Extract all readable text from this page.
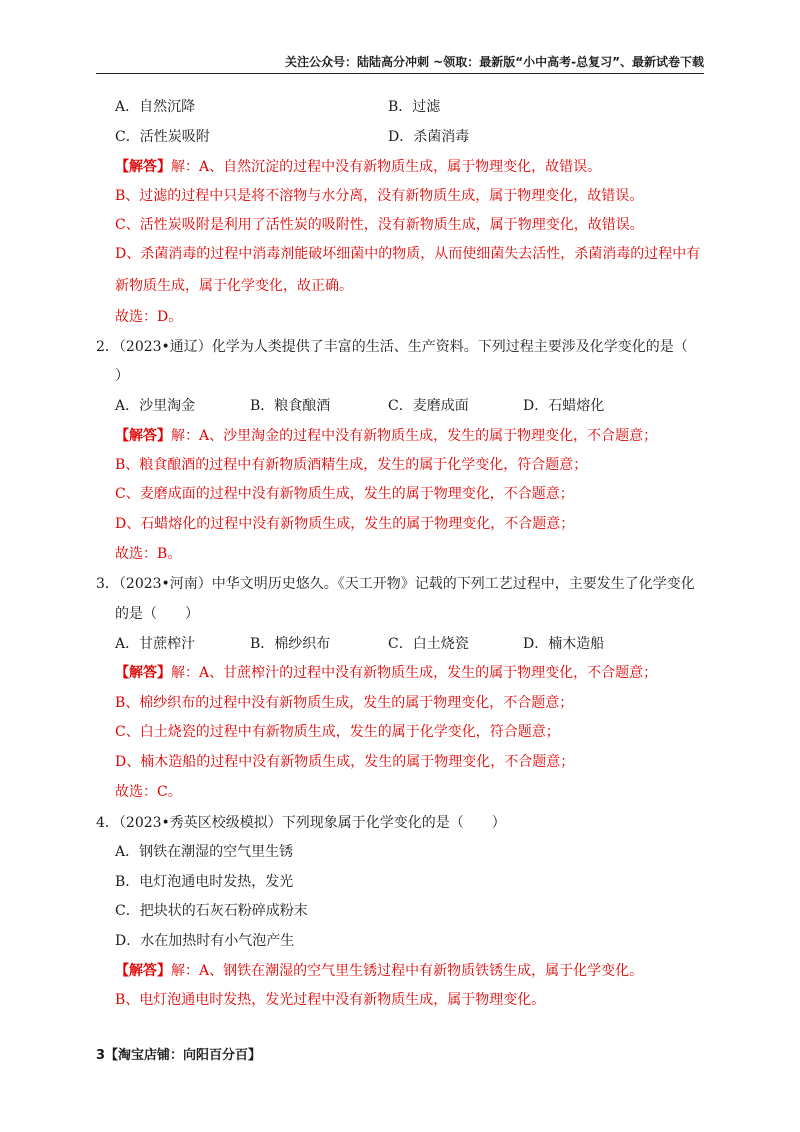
关注公众号：陆陆高分冲刺 ~领取：最新版“小中高考-总复习”、最新试卷下载
A．自然沉降	B．过滤
C．活性炭吸附	D．杀菌消毒
【解答】解：A、自然沉淀的过程中没有新物质生成，属于物理变化，故错误。
B、过滤的过程中只是将不溶物与水分离，没有新物质生成，属于物理变化，故错误。
C、活性炭吸附是利用了活性炭的吸附性，没有新物质生成，属于物理变化，故错误。
D、杀菌消毒的过程中消毒剂能破坏细菌中的物质，从而使细菌失去活性，杀菌消毒的过程中有
新物质生成，属于化学变化，故正确。
故选：D。
2．（2023•通辽）化学为人类提供了丰富的生活、生产资料。下列过程主要涉及化学变化的是（
）
A．沙里淘金	B．粮食酿酒	C．麦磨成面	D．石蜡熔化
【解答】解：A、沙里淘金的过程中没有新物质生成，发生的属于物理变化，不合题意；
B、粮食酿酒的过程中有新物质酒精生成，发生的属于化学变化，符合题意；
C、麦磨成面的过程中没有新物质生成，发生的属于物理变化，不合题意；
D、石蜡熔化的过程中没有新物质生成，发生的属于物理变化，不合题意；
故选：B。
3．（2023•河南）中华文明历史悠久。《天工开物》记载的下列工艺过程中，主要发生了化学变化
的是（　　）
A．甘蔗榨汁	B．棉纱织布	C．白土烧瓷	D．楠木造船
【解答】解：A、甘蔗榨汁的过程中没有新物质生成，发生的属于物理变化，不合题意；
B、棉纱织布的过程中没有新物质生成，发生的属于物理变化，不合题意；
C、白土烧瓷的过程中有新物质生成，发生的属于化学变化，符合题意；
D、楠木造船的过程中没有新物质生成，发生的属于物理变化，不合题意；
故选：C。
4．（2023•秀英区校级模拟）下列现象属于化学变化的是（　　）
A．钢铁在潮湿的空气里生锈
B．电灯泡通电时发热，发光
C．把块状的石灰石粉碎成粉末
D．水在加热时有小气泡产生
【解答】解：A、钢铁在潮湿的空气里生锈过程中有新物质铁锈生成，属于化学变化。
B、电灯泡通电时发热，发光过程中没有新物质生成，属于物理变化。
3【淘宝店铺：向阳百分百】
